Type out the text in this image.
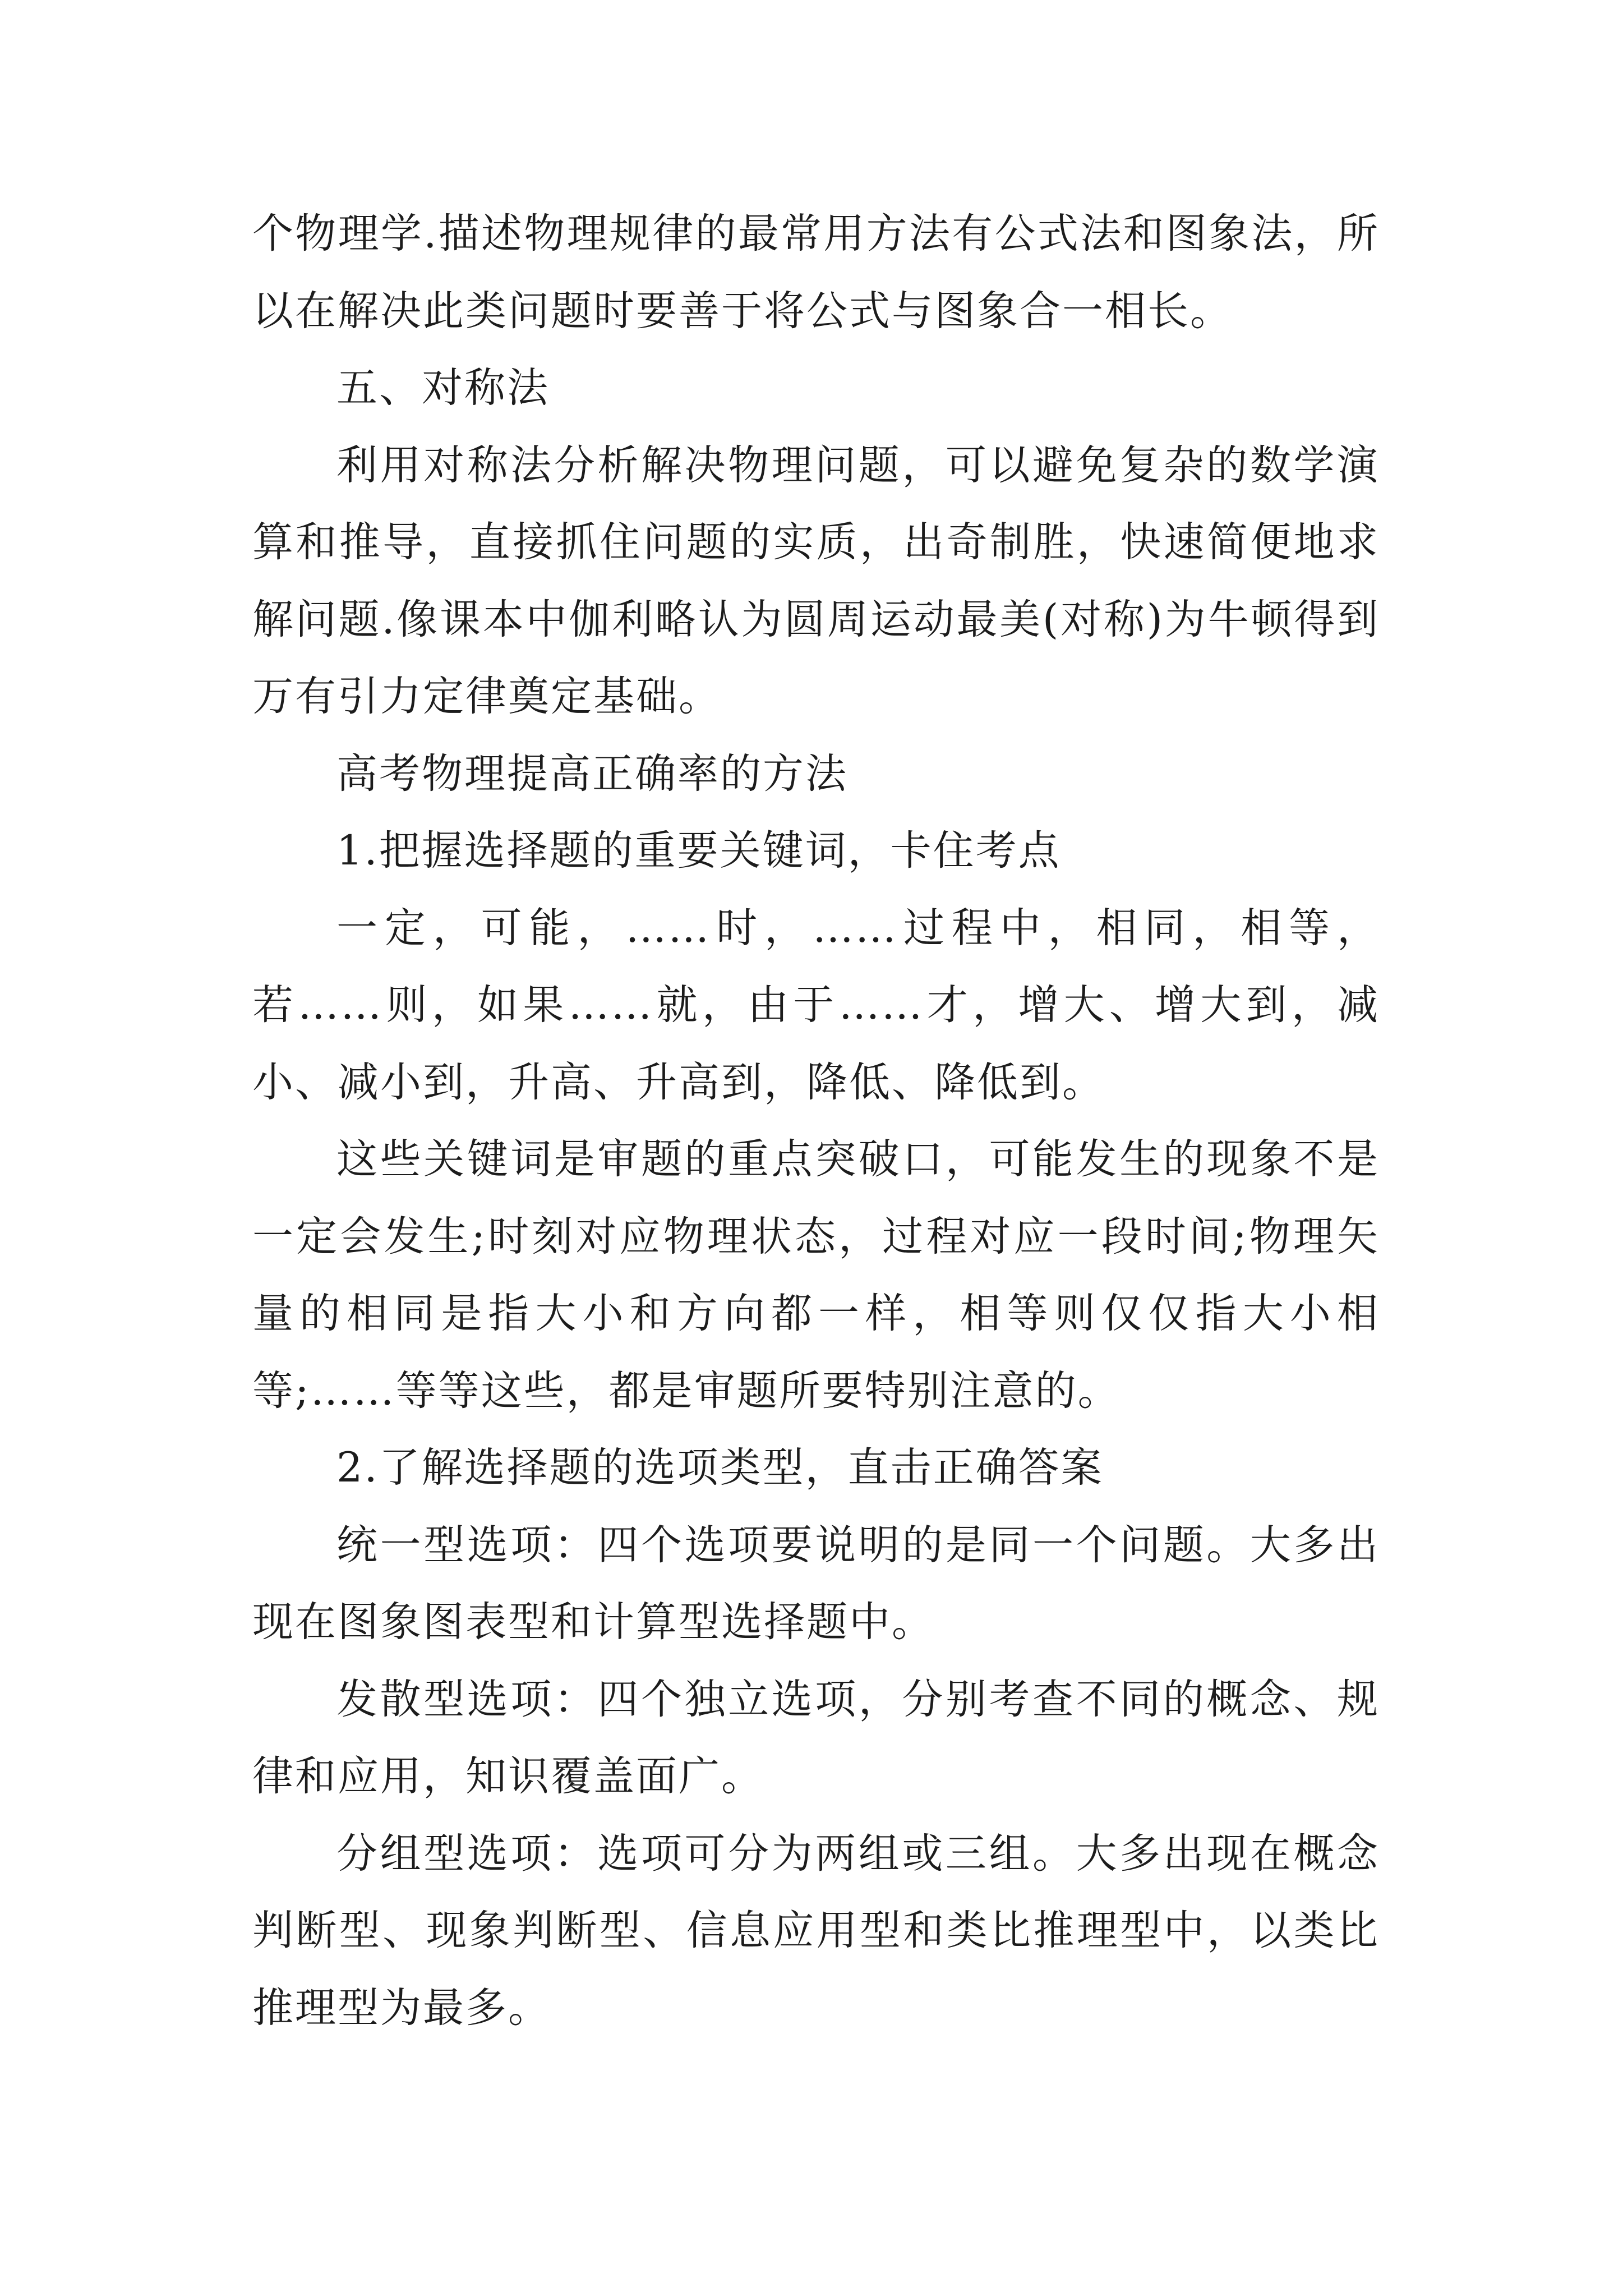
个物理学.描述物理规律的最常用方法有公式法和图象法，所以在解决此类问题时要善于将公式与图象合一相长。

五、对称法

利用对称法分析解决物理问题，可以避免复杂的数学演算和推导，直接抓住问题的实质，出奇制胜，快速简便地求解问题.像课本中伽利略认为圆周运动最美(对称)为牛顿得到万有引力定律奠定基础。

高考物理提高正确率的方法

1.把握选择题的重要关键词，卡住考点

一定，可能，……时，……过程中，相同，相等，若……则，如果……就，由于……才，增大、增大到，减小、减小到，升高、升高到，降低、降低到。

这些关键词是审题的重点突破口，可能发生的现象不是一定会发生;时刻对应物理状态，过程对应一段时间;物理矢量的相同是指大小和方向都一样，相等则仅仅指大小相等;……等等这些，都是审题所要特别注意的。

2.了解选择题的选项类型，直击正确答案

统一型选项：四个选项要说明的是同一个问题。大多出现在图象图表型和计算型选择题中。

发散型选项：四个独立选项，分别考查不同的概念、规律和应用，知识覆盖面广。

分组型选项：选项可分为两组或三组。大多出现在概念判断型、现象判断型、信息应用型和类比推理型中，以类比推理型为最多。
